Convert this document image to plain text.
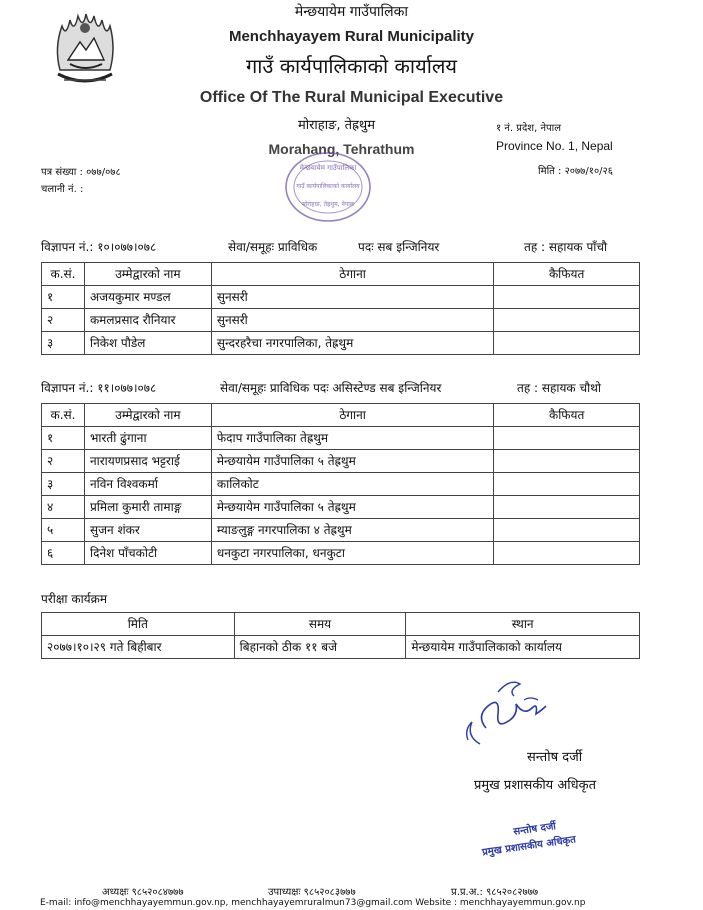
मेन्छयायेम गाउँपालिका
Menchhayayem Rural Municipality
गाउँ कार्यपालिकाको कार्यालय
Office Of The Rural Municipal Executive
मोराहाङ, तेह्रथुम
Morahang, Tehrathum
१ नं. प्रदेश, नेपाल
Province No. 1, Nepal
पत्र संख्या : ०७७/०७८
चलानी नं. :
मिति : २०७७/१०/२६
मेन्छयायेम गाउँपालिका
गाउँ कार्यपालिकाको कार्यालय
मोराहाङ, तेह्रथुम, नेपाल
विज्ञापन नं.: १०।०७७।०७८	सेवा/समूहः प्राविधिक	पदः सब इन्जिनियर	तह : सहायक पाँचौ
क.सं.	उम्मेद्वारको नाम	ठेगाना	कैफियत
१	अजयकुमार मण्डल	सुनसरी	
२	कमलप्रसाद रौनियार	सुनसरी	
३	निकेश पौडेल	सुन्दरहरैचा नगरपालिका, तेह्रथुम	
विज्ञापन नं.: ११।०७७।०७८	सेवा/समूहः प्राविधिक पदः असिस्टेण्ड सब इन्जिनियर	तह : सहायक चौथो
क.सं.	उम्मेद्वारको नाम	ठेगाना	कैफियत
१	भारती ढुंगाना	फेदाप गाउँपालिका तेह्रथुम	
२	नारायणप्रसाद भट्टराई	मेन्छयायेम गाउँपालिका ५ तेह्रथुम	
३	नविन विश्वकर्मा	कालिकोट	
४	प्रमिला कुमारी तामाङ्ग	मेन्छयायेम गाउँपालिका ५ तेह्रथुम	
५	सुजन शंकर	म्याङलुङ्ग नगरपालिका ४ तेह्रथुम	
६	दिनेश पाँचकोटी	धनकुटा नगरपालिका, धनकुटा	
परीक्षा कार्यक्रम
मिति	समय	स्थान
२०७७।१०।२९ गते बिहीबार	बिहानको ठीक ११ बजे	मेन्छयायेम गाउँपालिकाको कार्यालय
सन्तोष दर्जी
प्रमुख प्रशासकीय अधिकृत
सन्तोष दर्जी
प्रमुख प्रशासकीय अधिकृत
अध्यक्षः ९८५२०८४७७७	उपाध्यक्षः ९८५२०८३७७७	प्र.प्र.अ.: ९८५२०८२७७७
E-mail: info@menchhayayemmun.gov.np, menchhayayemruralmun73@gmail.com Website : menchhayayemmun.gov.np
